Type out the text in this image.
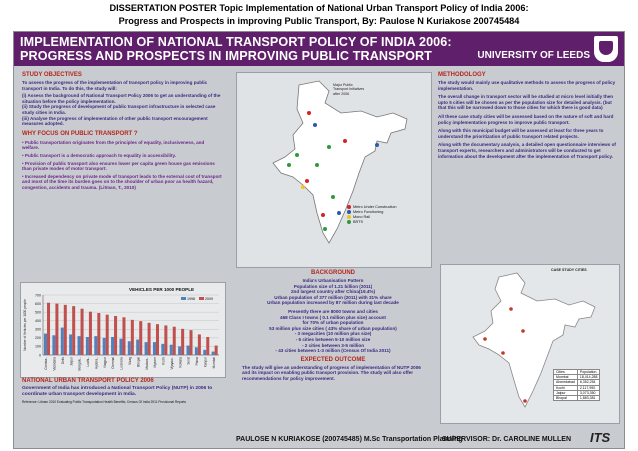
DISSERTATION POSTER Topic Implementation of National Urban Transport Policy of India 2006:
Progress and Prospects in improving Public Transport, By: Paulose N Kuriakose 200745484
IMPLEMENTATION OF NATIONAL TRANSPORT POLICY OF INDIA 2006:
PROGRESS AND PROSPECTS IN IMPROVING PUBLIC TRANSPORT	UNIVERSITY OF LEEDS
STUDY OBJECTIVES
To assess the progress of the implementation of transport policy in improving public transport in India. To do this, the study will:
(i) Assess the background of National Transport Policy 2006 to get an understanding of the situation before the policy implementation.
(ii) Study the progress of development of public transport infrastructure in selected case study cities in India.
(iii) Analyse the progress of implementation of other public transport encouragement measures adopted.
WHY FOCUS ON PUBLIC TRANSPORT ?
• Public transportation originates from the principles of equality, inclusiveness, and welfare.
• Public transport is a democratic approach to equality in accessibility.
• Provision of public transport also ensures lower per capita green house gas emissions than private modes of motor transport.
• Increased dependency on private mode of transport leads to the external cost of transport and most of the time its burden goes on to the shoulder of urban poor as health hazard, congestion, accidents and trauma. (Litman, T., 2010)
0
100
200
300
400
500
600
700
VEHICLES PER 1000 PEOPLE
1998	2009
Number of Vehicles per 1000 people
Coimba.. Vadodara Delhi Jaipur Bengalu.. Ludhi.. Hydera.. Nagpur Chennai Lucknow Vizag Bhopal Madura.. Mysore Kochi Vijayaw.. Kolkata Surat Patna Kanpur Mumbai
NATIONAL URBAN TRANSPORT POLICY 2006
Government of India has introduced a National Transport Policy (NUTP) in 2006 to coordinate urban transport development in India.
Reference: Litman 2010 Evaluating Public Transportation Health Benefits; Census Of India 2011 Provisional Reports
Major Public
Transport Initiatives
after 2006
Metro Under Construction
Metro Functioning
Mono Rail
BRTS
BACKGROUND
India's Urbanisation Pattern
Population size of 1.21 billion (2011)
2nd largest country after China(19.4%)
Urban population of 377 million (2011) with 31% share
Urban population increased by 87 million during last decade
Presently there are 8000 towns and cities
468 Class I towns ( 0.1 million plus size) account
for 70% of urban population
53 million plus size cities ( 43% share of urban population)
- 3 megacities (10 million plus size)
- 5 cities between 5-10 million size
- 2 cities between 3-5 million
- 43 cities between 1-3 million (Census Of India 2011)
EXPECTED OUTCOME
The study will give an understanding of progress of implementation of NUTP 2006 and its impact on enabling public transport provision. The study will also offer recommendations for policy improvement.
METHODOLOGY
The study would mainly use qualitative methods to assess the progress of policy implementation.
The overall change in transport sector will be studied at micro level initially then upto 5 cities will be chosen as per the population size for detailed analysis. (but that this will be narrowed down to those cities for which there is good data)
All these case study cities will be assessed based on the nature of soft and hard policy implementation progress to improve public transport.
Along with this municipal budget will be assessed at least for three years to understand the prioritization of public transport related projects.
Along with the documentary analysis, a detailed open questionnaire interviews of transport experts, researchers and administrators will be conducted to get information about the development after the implementation of Transport policy.
CASE STUDY CITIES
Cities	Population
Mumbai	18,414,288
Ahmedabad	6,352,254
Kochi	2,117,990
Jaipur	3,073,350
Bhopal	1,883,381
PAULOSE N KURIAKOSE (200745485) M.Sc Transportation Planning
SUPERVISOR: Dr. CAROLINE MULLEN ITS
